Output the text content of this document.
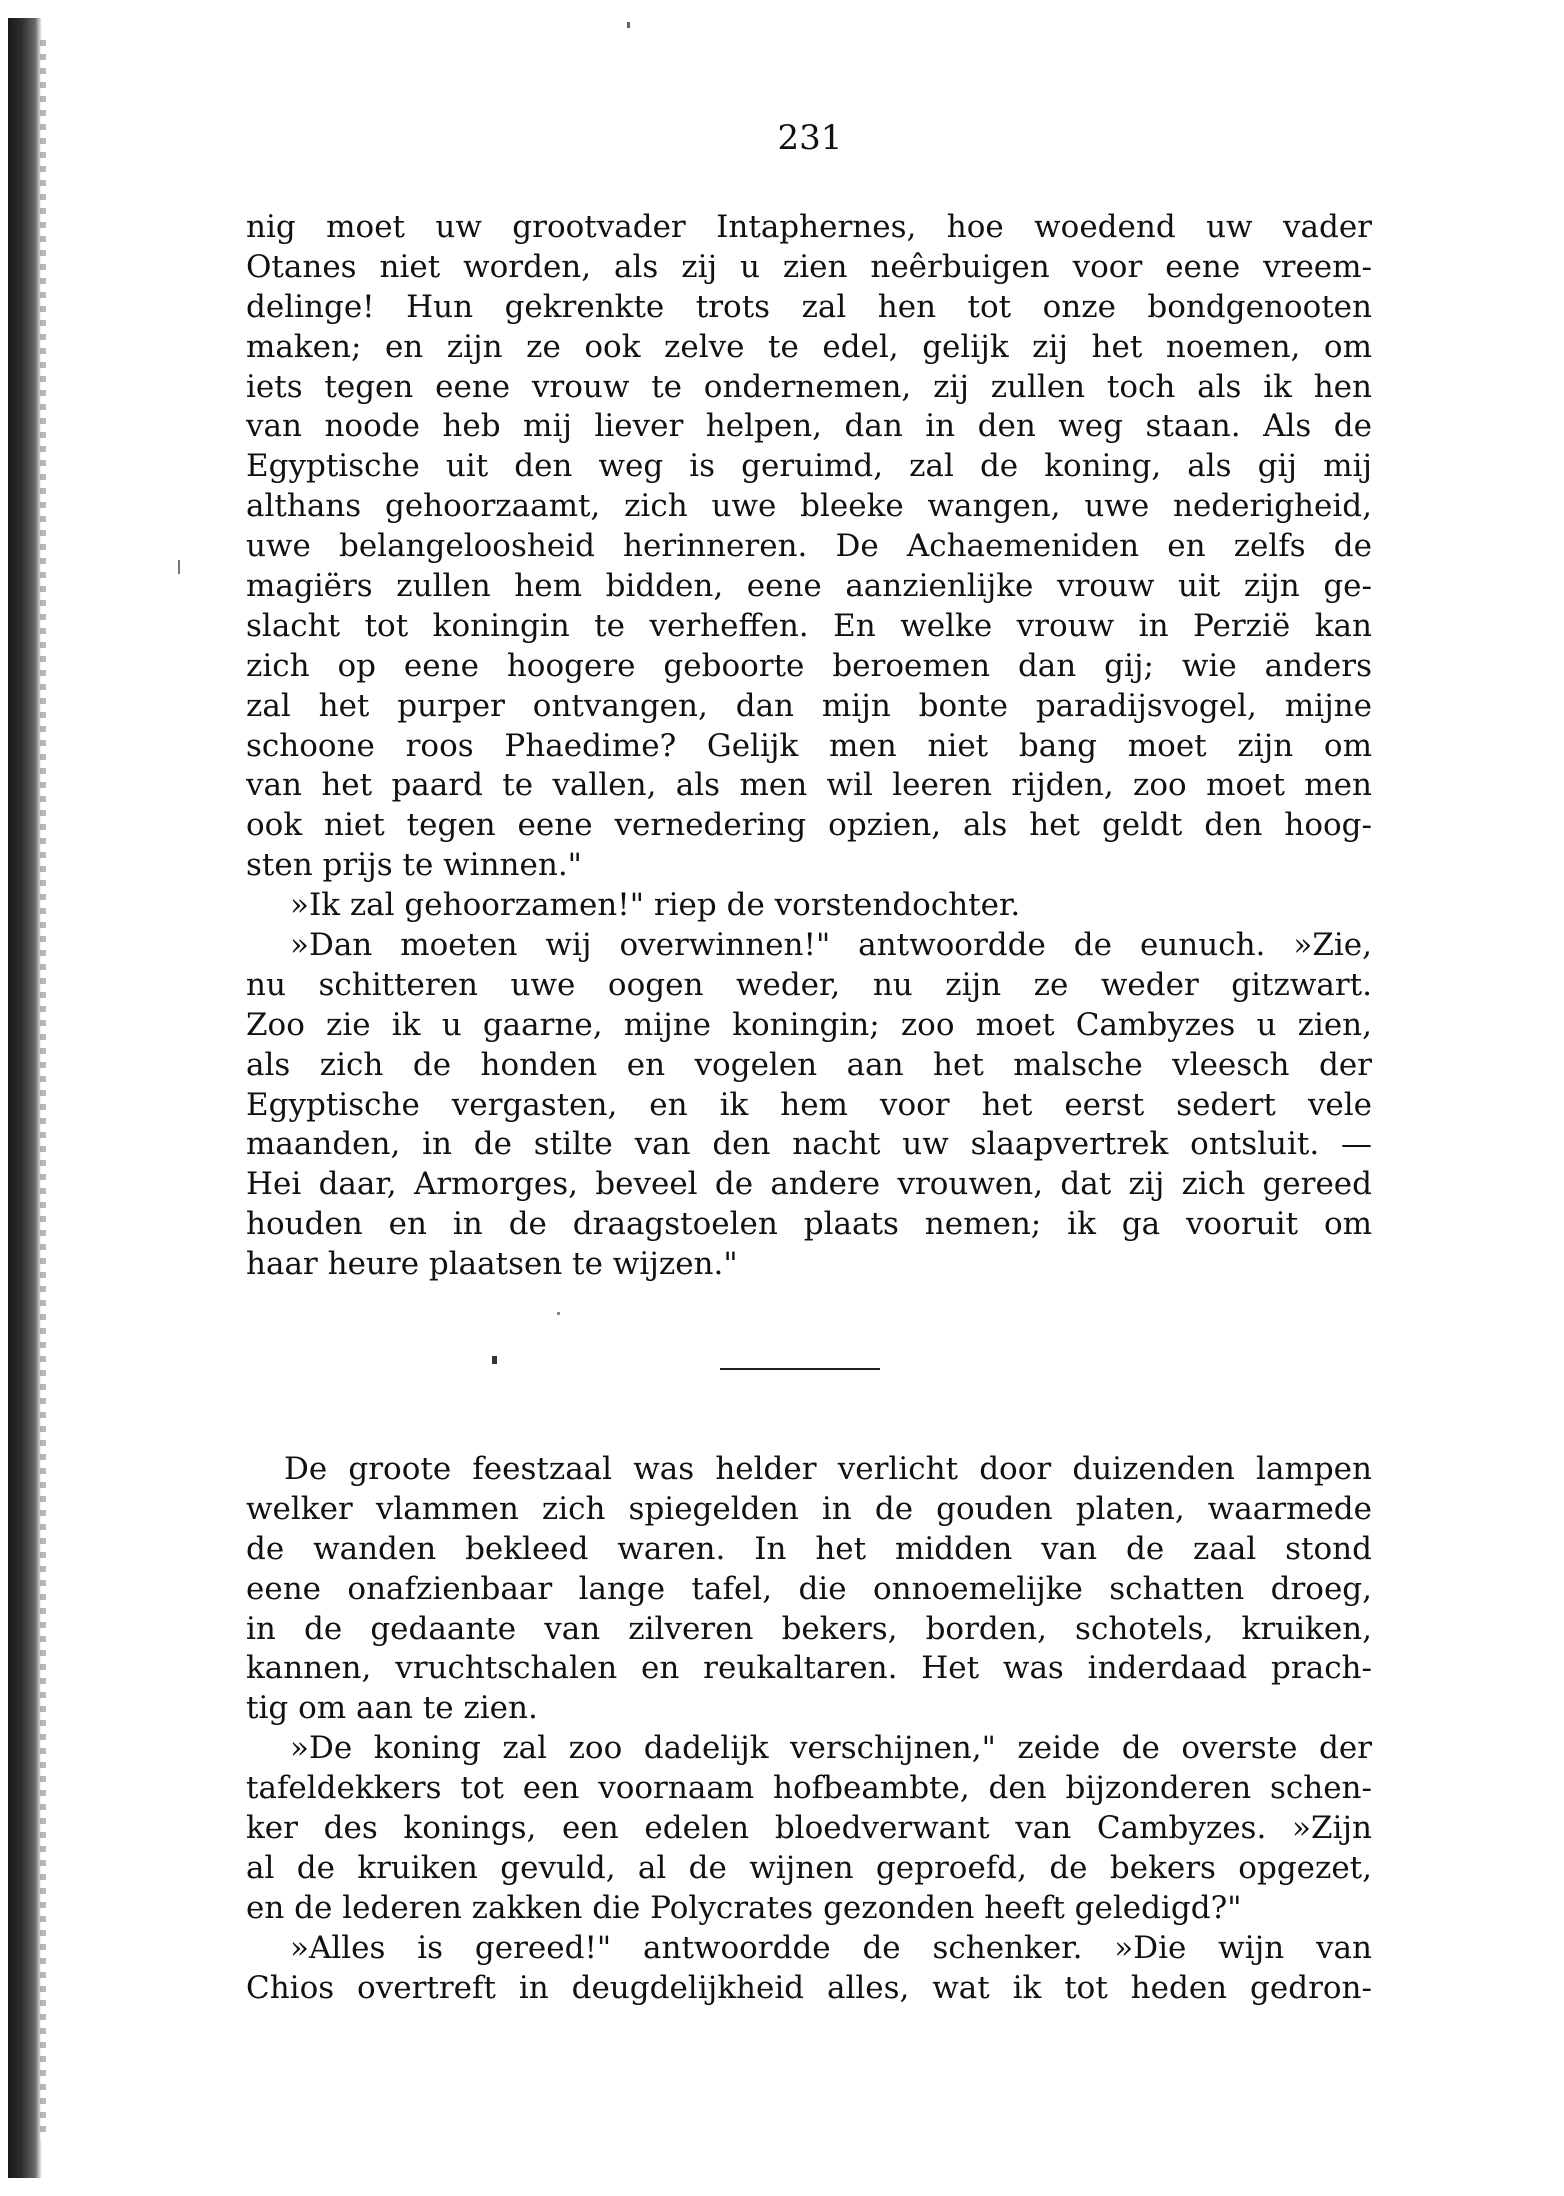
231
nig moet uw grootvader Intaphernes, hoe woedend uw vader
Otanes niet worden, als zij u zien neêrbuigen voor eene vreem-
delinge! Hun gekrenkte trots zal hen tot onze bondgenooten
maken; en zijn ze ook zelve te edel, gelijk zij het noemen, om
iets tegen eene vrouw te ondernemen, zij zullen toch als ik hen
van noode heb mij liever helpen, dan in den weg staan. Als de
Egyptische uit den weg is geruimd, zal de koning, als gij mij
althans gehoorzaamt, zich uwe bleeke wangen, uwe nederigheid,
uwe belangeloosheid herinneren. De Achaemeniden en zelfs de
magiërs zullen hem bidden, eene aanzienlijke vrouw uit zijn ge-
slacht tot koningin te verheffen. En welke vrouw in Perzië kan
zich op eene hoogere geboorte beroemen dan gij; wie anders
zal het purper ontvangen, dan mijn bonte paradijsvogel, mijne
schoone roos Phaedime? Gelijk men niet bang moet zijn om
van het paard te vallen, als men wil leeren rijden, zoo moet men
ook niet tegen eene vernedering opzien, als het geldt den hoog-
sten prijs te winnen."
»Ik zal gehoorzamen!" riep de vorstendochter.
»Dan moeten wij overwinnen!" antwoordde de eunuch. »Zie,
nu schitteren uwe oogen weder, nu zijn ze weder gitzwart.
Zoo zie ik u gaarne, mijne koningin; zoo moet Cambyzes u zien,
als zich de honden en vogelen aan het malsche vleesch der
Egyptische vergasten, en ik hem voor het eerst sedert vele
maanden, in de stilte van den nacht uw slaapvertrek ontsluit. —
Hei daar, Armorges, beveel de andere vrouwen, dat zij zich gereed
houden en in de draagstoelen plaats nemen; ik ga vooruit om
haar heure plaatsen te wijzen."
De groote feestzaal was helder verlicht door duizenden lampen
welker vlammen zich spiegelden in de gouden platen, waarmede
de wanden bekleed waren. In het midden van de zaal stond
eene onafzienbaar lange tafel, die onnoemelijke schatten droeg,
in de gedaante van zilveren bekers, borden, schotels, kruiken,
kannen, vruchtschalen en reukaltaren. Het was inderdaad prach-
tig om aan te zien.
»De koning zal zoo dadelijk verschijnen," zeide de overste der
tafeldekkers tot een voornaam hofbeambte, den bijzonderen schen-
ker des konings, een edelen bloedverwant van Cambyzes. »Zijn
al de kruiken gevuld, al de wijnen geproefd, de bekers opgezet,
en de lederen zakken die Polycrates gezonden heeft geledigd?"
»Alles is gereed!" antwoordde de schenker. »Die wijn van
Chios overtreft in deugdelijkheid alles, wat ik tot heden gedron-
